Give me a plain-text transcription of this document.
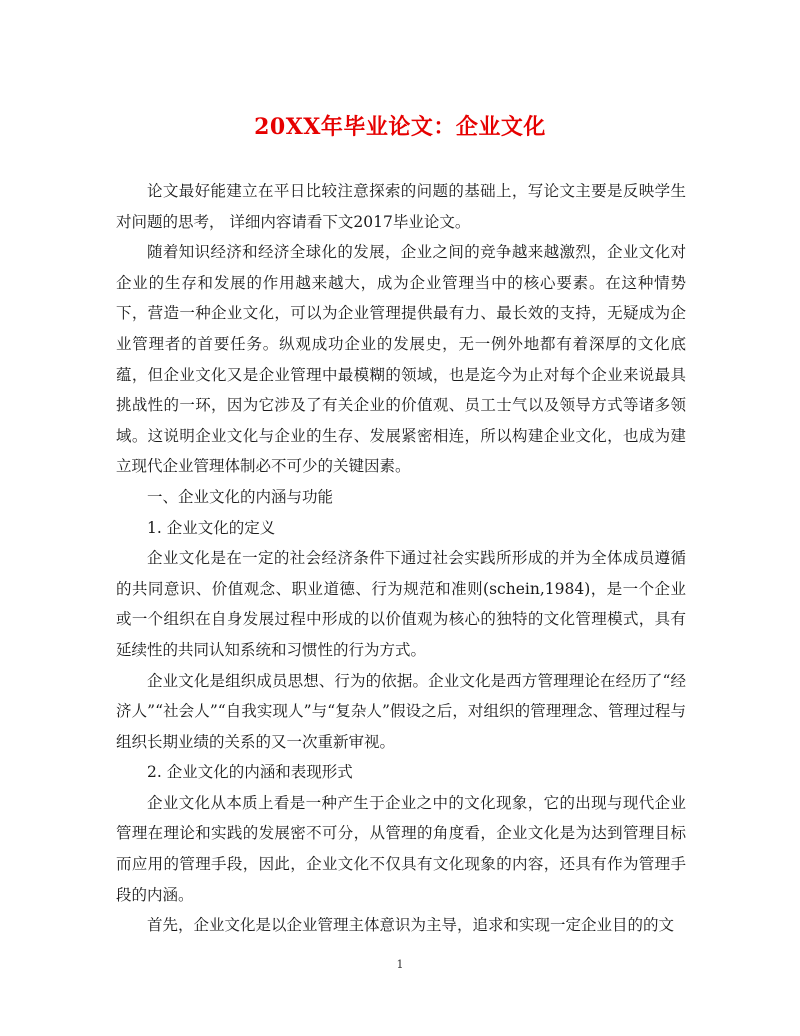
20XX年毕业论文：企业文化

论文最好能建立在平日比较注意探索的问题的基础上，写论文主要是反映学生对问题的思考， 详细内容请看下文2017毕业论文。

随着知识经济和经济全球化的发展，企业之间的竞争越来越激烈，企业文化对企业的生存和发展的作用越来越大，成为企业管理当中的核心要素。在这种情势下，营造一种企业文化，可以为企业管理提供最有力、最长效的支持，无疑成为企业管理者的首要任务。纵观成功企业的发展史，无一例外地都有着深厚的文化底蕴，但企业文化又是企业管理中最模糊的领域，也是迄今为止对每个企业来说最具挑战性的一环，因为它涉及了有关企业的价值观、员工士气以及领导方式等诸多领域。这说明企业文化与企业的生存、发展紧密相连，所以构建企业文化，也成为建立现代企业管理体制必不可少的关键因素。

一、企业文化的内涵与功能

1. 企业文化的定义

企业文化是在一定的社会经济条件下通过社会实践所形成的并为全体成员遵循的共同意识、价值观念、职业道德、行为规范和准则(schein,1984)，是一个企业或一个组织在自身发展过程中形成的以价值观为核心的独特的文化管理模式，具有延续性的共同认知系统和习惯性的行为方式。

企业文化是组织成员思想、行为的依据。企业文化是西方管理理论在经历了“经济人”“社会人”“自我实现人”与“复杂人”假设之后，对组织的管理理念、管理过程与组织长期业绩的关系的又一次重新审视。

2. 企业文化的内涵和表现形式

企业文化从本质上看是一种产生于企业之中的文化现象，它的出现与现代企业管理在理论和实践的发展密不可分，从管理的角度看，企业文化是为达到管理目标而应用的管理手段，因此，企业文化不仅具有文化现象的内容，还具有作为管理手段的内涵。

首先，企业文化是以企业管理主体意识为主导，追求和实现一定企业目的的文

1
